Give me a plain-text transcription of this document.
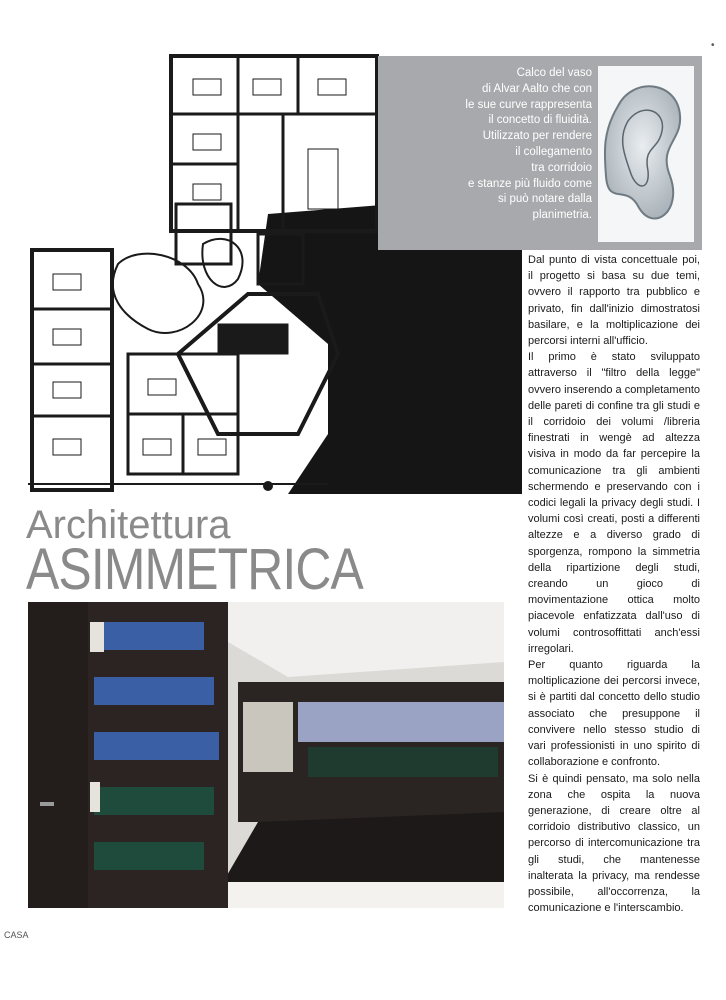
Calco del vaso
di Alvar Aalto che con
le sue curve rappresenta
il concetto di fluidità.
Utilizzato per rendere
il collegamento
tra corridoio
e stanze più fluido come
si può notare dalla
planimetria.
Architettura
ASIMMETRICA

Dal punto di vista concettuale poi, il progetto si basa su due temi, ovvero il rapporto tra pubblico e privato, fin dall'inizio dimostratosi basilare, e la moltiplicazione dei percorsi interni all'ufficio.

Il primo è stato sviluppato attraverso il "filtro della legge" ovvero inserendo a completamento delle pareti di confine tra gli studi e il corridoio dei volumi /libreria finestrati in wengè ad altezza visiva in modo da far percepire la comunicazione tra gli ambienti schermendo e preservando con i codici legali la privacy degli studi. I volumi così creati, posti a differenti altezze e a diverso grado di sporgenza, rompono la simmetria della ripartizione degli studi, creando un gioco di movimentazione ottica molto piacevole enfatizzata dall'uso di volumi controsoffittati anch'essi irregolari.

Per quanto riguarda la moltiplicazione dei percorsi invece, si è partiti dal concetto dello studio associato che presuppone il convivere nello stesso studio di vari professionisti in uno spirito di collaborazione e confronto.

Si è quindi pensato, ma solo nella zona che ospita la nuova generazione, di creare oltre al corridoio distributivo classico, un percorso di intercomunicazione tra gli studi, che mantenesse inalterata la privacy, ma rendesse possibile, all'occorrenza, la comunicazione e l'interscambio.

CASA
•
